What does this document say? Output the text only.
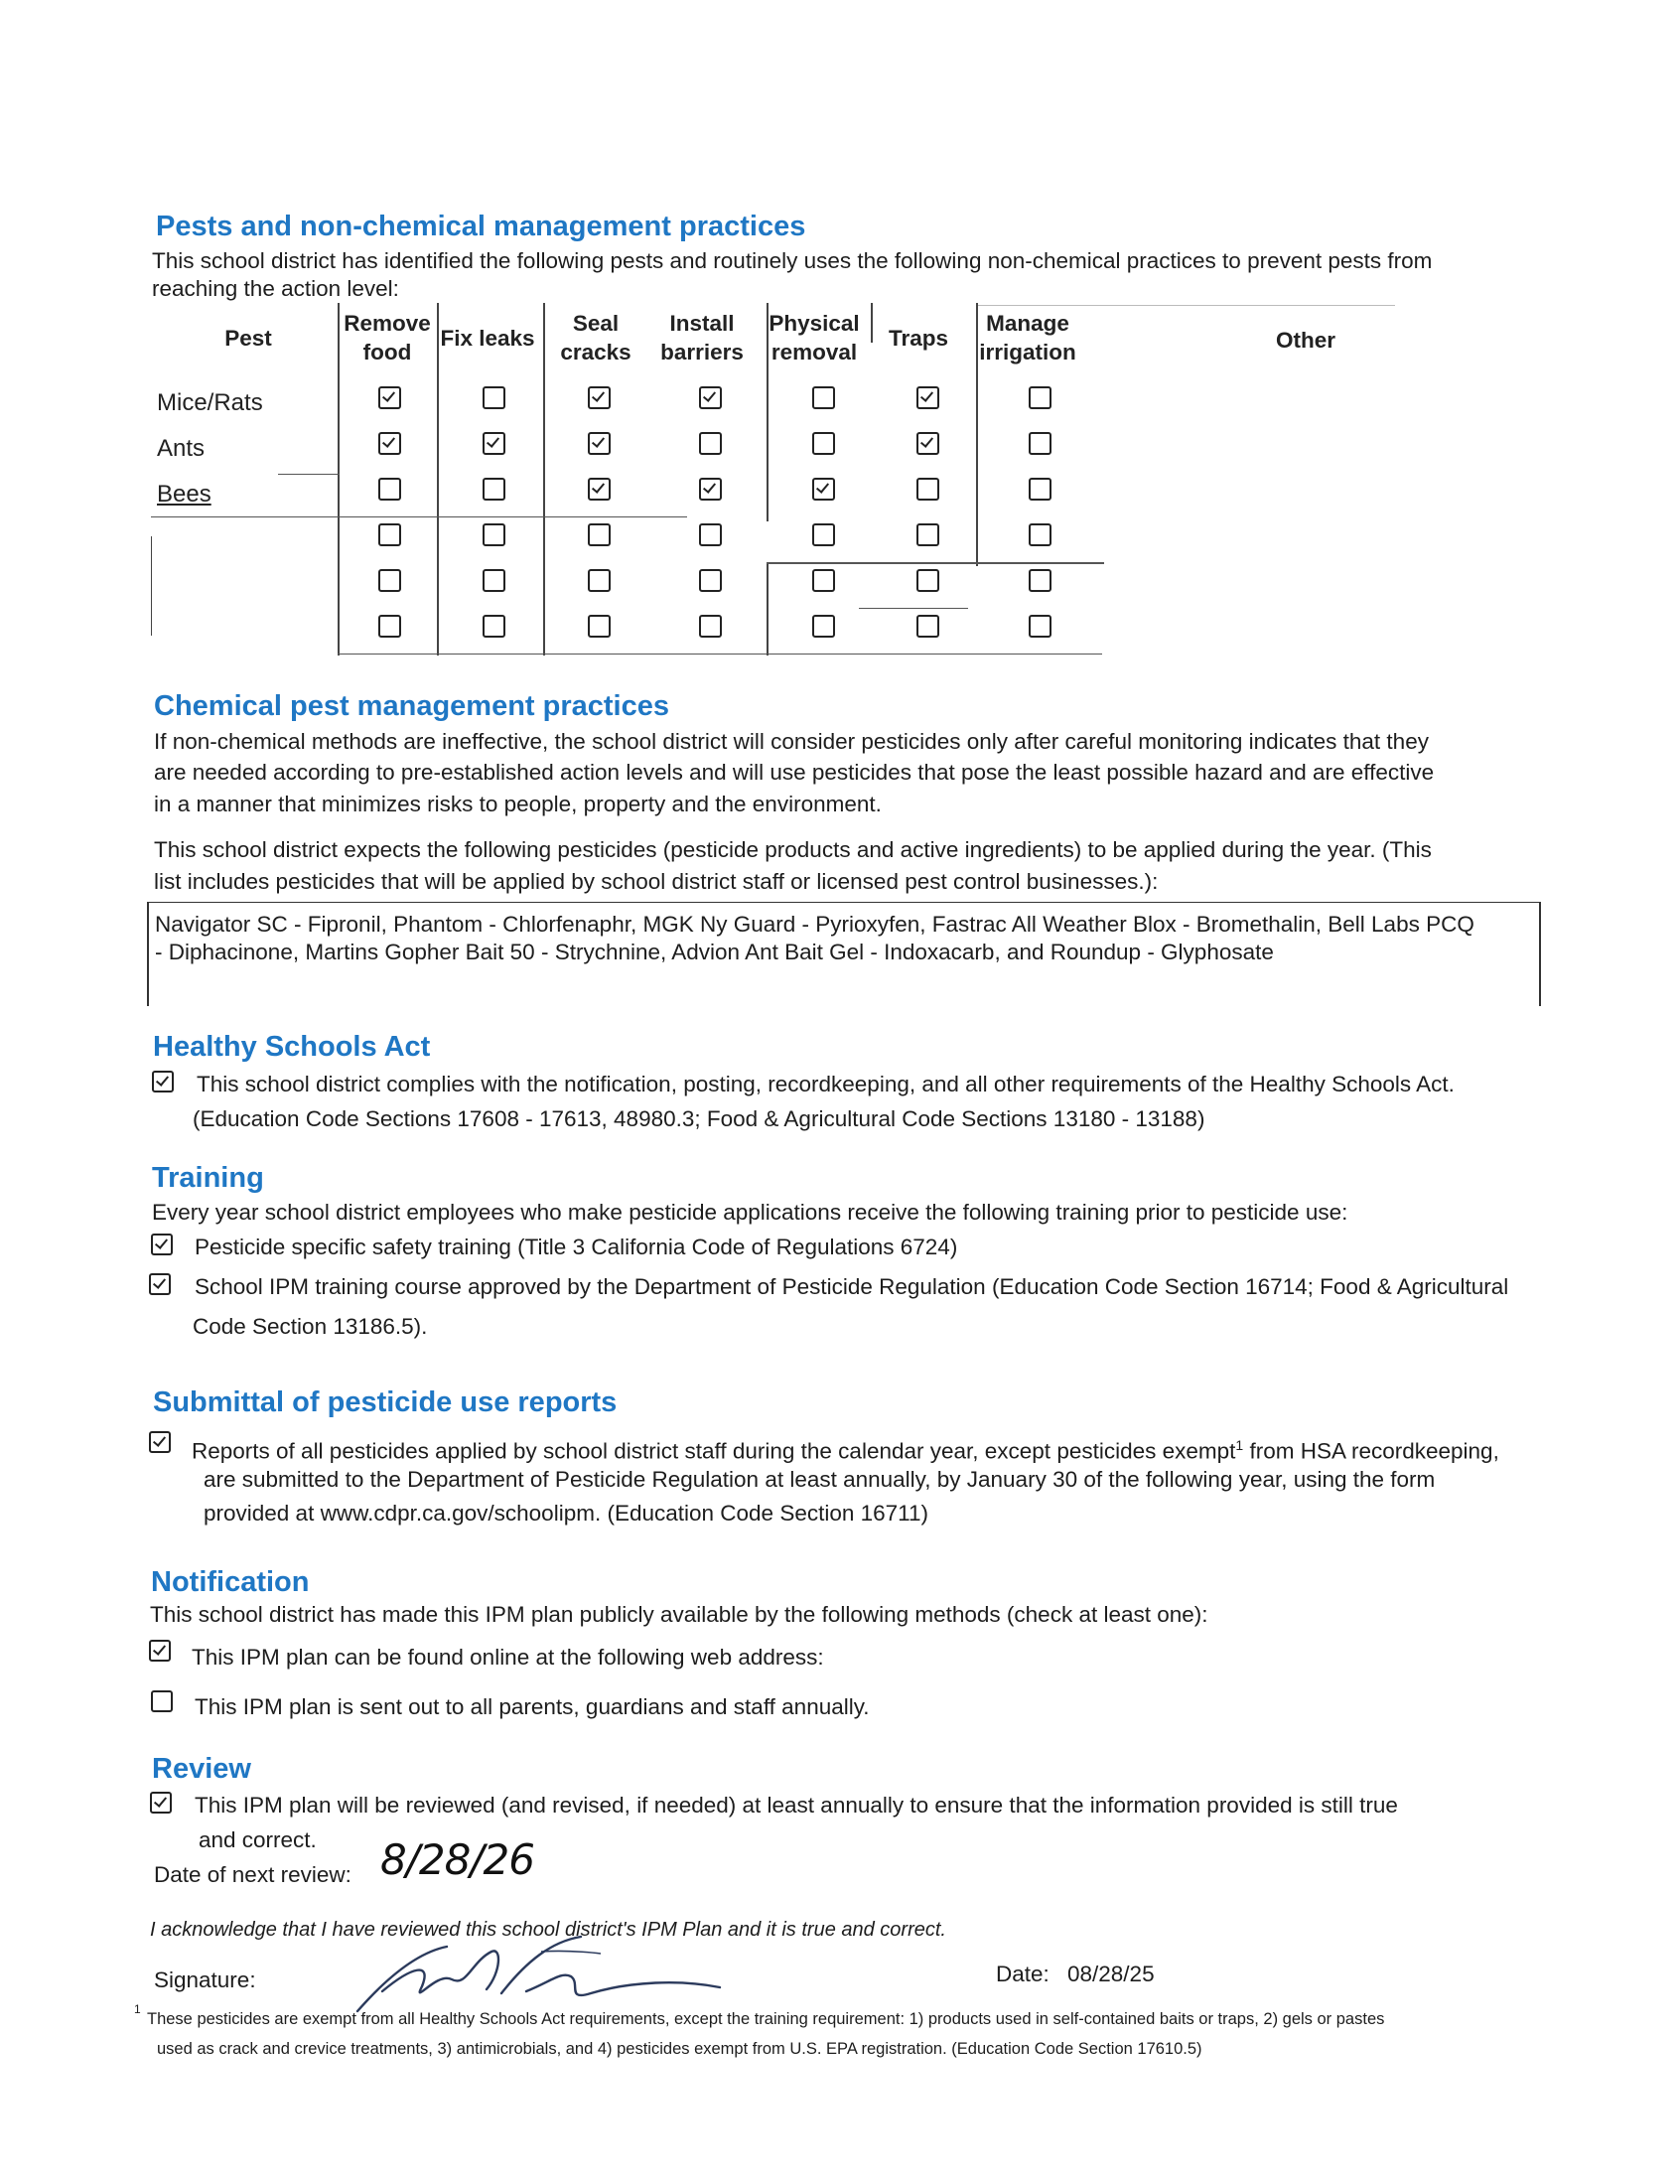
Pests and non-chemical management practices
This school district has identified the following pests and routinely uses the following non-chemical practices to prevent pests from
reaching the action level:
Pest
Remove food
Fix leaks
Seal cracks
Install barriers
Physical removal
Traps
Manage irrigation	Other
Mice/Rats
Ants
Bees
Chemical pest management practices
If non-chemical methods are ineffective, the school district will consider pesticides only after careful monitoring indicates that they
are needed according to pre-established action levels and will use pesticides that pose the least possible hazard and are effective
in a manner that minimizes risks to people, property and the environment.
This school district expects the following pesticides (pesticide products and active ingredients) to be applied during the year. (This
list includes pesticides that will be applied by school district staff or licensed pest control businesses.):
Navigator SC - Fipronil, Phantom - Chlorfenaphr, MGK Ny Guard - Pyrioxyfen, Fastrac All Weather Blox - Bromethalin, Bell Labs PCQ
- Diphacinone, Martins Gopher Bait 50 - Strychnine, Advion Ant Bait Gel - Indoxacarb, and Roundup - Glyphosate
Healthy Schools Act
This school district complies with the notification, posting, recordkeeping, and all other requirements of the Healthy Schools Act.
(Education Code Sections 17608 - 17613, 48980.3; Food & Agricultural Code Sections 13180 - 13188)
Training
Every year school district employees who make pesticide applications receive the following training prior to pesticide use:
Pesticide specific safety training (Title 3 California Code of Regulations 6724)
School IPM training course approved by the Department of Pesticide Regulation (Education Code Section 16714; Food & Agricultural
Code Section 13186.5).
Submittal of pesticide use reports
Reports of all pesticides applied by school district staff during the calendar year, except pesticides exempt$^1$ from HSA recordkeeping,
are submitted to the Department of Pesticide Regulation at least annually, by January 30 of the following year, using the form
provided at www.cdpr.ca.gov/schoolipm. (Education Code Section 16711)
Notification
This school district has made this IPM plan publicly available by the following methods (check at least one):
This IPM plan can be found online at the following web address:
This IPM plan is sent out to all parents, guardians and staff annually.
Review
This IPM plan will be reviewed (and revised, if needed) at least annually to ensure that the information provided is still true
and correct.
Date of next review: 8/28/26
I acknowledge that I have reviewed this school district's IPM Plan and it is true and correct.
Signature:	Date: 08/28/25
1
These pesticides are exempt from all Healthy Schools Act requirements, except the training requirement: 1) products used in self-contained baits or traps, 2) gels or pastes
used as crack and crevice treatments, 3) antimicrobials, and 4) pesticides exempt from U.S. EPA registration. (Education Code Section 17610.5)
